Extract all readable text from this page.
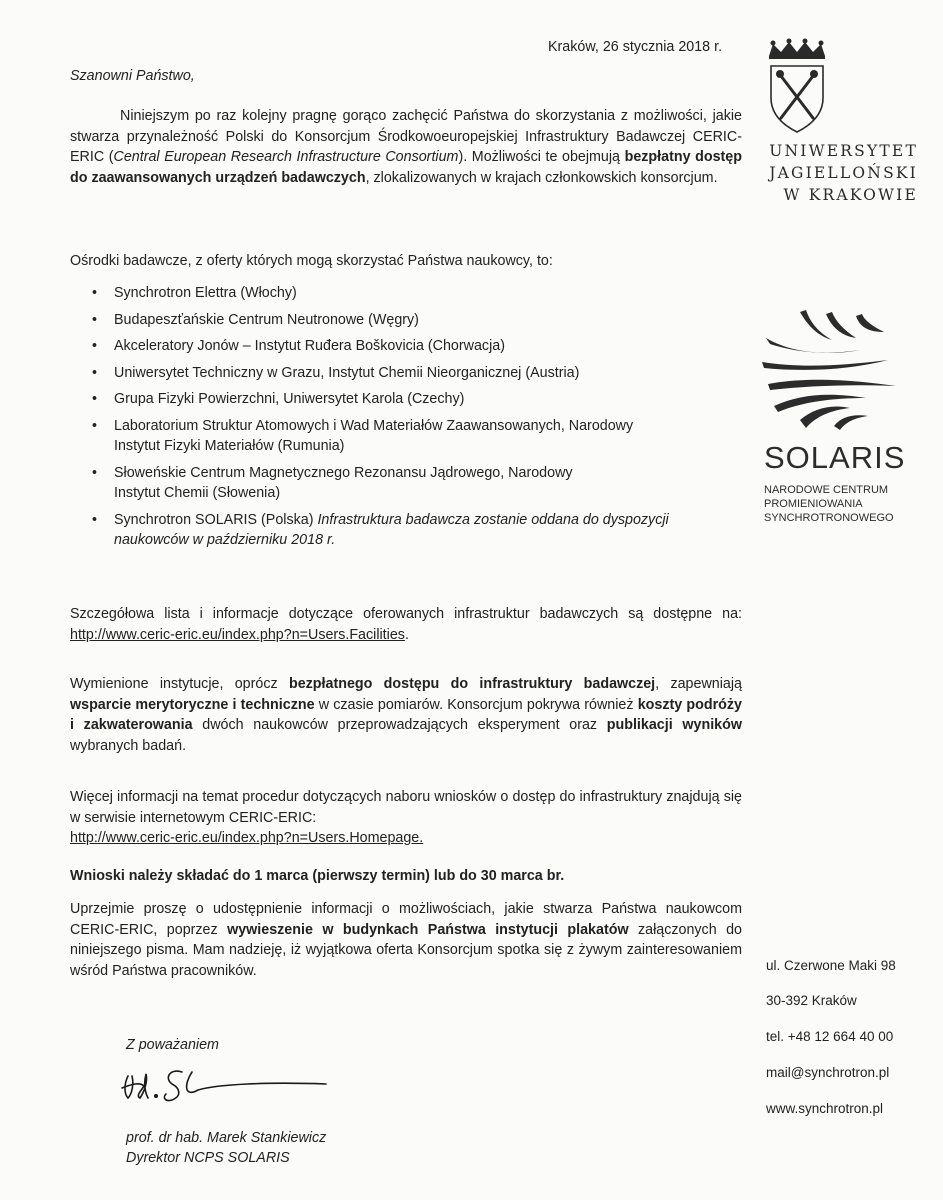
Kraków, 26 stycznia 2018 r.
Szanowni Państwo,
Niniejszym po raz kolejny pragnę gorąco zachęcić Państwa do skorzystania z możliwości, jakie stwarza przynależność Polski do Konsorcjum Środkowoeuropejskiej Infrastruktury Badawczej CERIC-ERIC (Central European Research Infrastructure Consortium). Możliwości te obejmują bezpłatny dostęp do zaawansowanych urządzeń badawczych, zlokalizowanych w krajach członkowskich konsorcjum.
Ośrodki badawcze, z oferty których mogą skorzystać Państwa naukowcy, to:
• Synchrotron Elettra (Włochy)
• Budapeszťańskie Centrum Neutronowe (Węgry)
• Akceleratory Jonów – Instytut Ruđera Boškovicia (Chorwacja)
• Uniwersytet Techniczny w Grazu, Instytut Chemii Nieorganicznej (Austria)
• Grupa Fizyki Powierzchni, Uniwersytet Karola (Czechy)
• Laboratorium Struktur Atomowych i Wad Materiałów Zaawansowanych, Narodowy Instytut Fizyki Materiałów (Rumunia)
• Słoweńskie Centrum Magnetycznego Rezonansu Jądrowego, Narodowy Instytut Chemii (Słowenia)
• Synchrotron SOLARIS (Polska) Infrastruktura badawcza zostanie oddana do dyspozycji naukowców w październiku 2018 r.
Szczegółowa lista i informacje dotyczące oferowanych infrastruktur badawczych są dostępne na: http://www.ceric-eric.eu/index.php?n=Users.Facilities.
Wymienione instytucje, oprócz bezpłatnego dostępu do infrastruktury badawczej, zapewniają wsparcie merytoryczne i techniczne w czasie pomiarów. Konsorcjum pokrywa również koszty podróży i zakwaterowania dwóch naukowców przeprowadzających eksperyment oraz publikacji wyników wybranych badań.
Więcej informacji na temat procedur dotyczących naboru wniosków o dostęp do infrastruktury znajdują się w serwisie internetowym CERIC-ERIC:
http://www.ceric-eric.eu/index.php?n=Users.Homepage.
Wnioski należy składać do 1 marca (pierwszy termin) lub do 30 marca br.
Uprzejmie proszę o udostępnienie informacji o możliwościach, jakie stwarza Państwa naukowcom CERIC-ERIC, poprzez wywieszenie w budynkach Państwa instytucji plakatów załączonych do niniejszego pisma. Mam nadzieję, iż wyjątkowa oferta Konsorcjum spotka się z żywym zainteresowaniem wśród Państwa pracowników.
Z poważaniem
prof. dr hab. Marek Stankiewicz
Dyrektor NCPS SOLARIS
UNIWERSYTET
JAGIELLOŃSKI
W KRAKOWIE
SOLARIS
NARODOWE CENTRUM
PROMIENIOWANIA
SYNCHROTRONOWEGO
ul. Czerwone Maki 98
30-392 Kraków
tel. +48 12 664 40 00
mail@synchrotron.pl
www.synchrotron.pl
